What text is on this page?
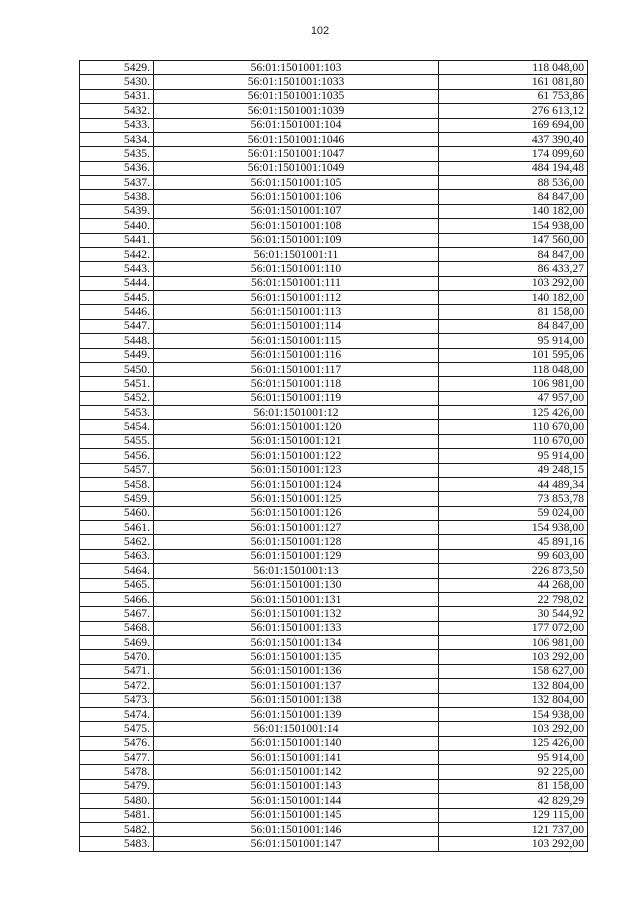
102
5429.	56:01:1501001:103	118 048,00
5430.	56:01:1501001:1033	161 081,80
5431.	56:01:1501001:1035	61 753,86
5432.	56:01:1501001:1039	276 613,12
5433.	56:01:1501001:104	169 694,00
5434.	56:01:1501001:1046	437 390,40
5435.	56:01:1501001:1047	174 099,60
5436.	56:01:1501001:1049	484 194,48
5437.	56:01:1501001:105	88 536,00
5438.	56:01:1501001:106	84 847,00
5439.	56:01:1501001:107	140 182,00
5440.	56:01:1501001:108	154 938,00
5441.	56:01:1501001:109	147 560,00
5442.	56:01:1501001:11	84 847,00
5443.	56:01:1501001:110	86 433,27
5444.	56:01:1501001:111	103 292,00
5445.	56:01:1501001:112	140 182,00
5446.	56:01:1501001:113	81 158,00
5447.	56:01:1501001:114	84 847,00
5448.	56:01:1501001:115	95 914,00
5449.	56:01:1501001:116	101 595,06
5450.	56:01:1501001:117	118 048,00
5451.	56:01:1501001:118	106 981,00
5452.	56:01:1501001:119	47 957,00
5453.	56:01:1501001:12	125 426,00
5454.	56:01:1501001:120	110 670,00
5455.	56:01:1501001:121	110 670,00
5456.	56:01:1501001:122	95 914,00
5457.	56:01:1501001:123	49 248,15
5458.	56:01:1501001:124	44 489,34
5459.	56:01:1501001:125	73 853,78
5460.	56:01:1501001:126	59 024,00
5461.	56:01:1501001:127	154 938,00
5462.	56:01:1501001:128	45 891,16
5463.	56:01:1501001:129	99 603,00
5464.	56:01:1501001:13	226 873,50
5465.	56:01:1501001:130	44 268,00
5466.	56:01:1501001:131	22 798,02
5467.	56:01:1501001:132	30 544,92
5468.	56:01:1501001:133	177 072,00
5469.	56:01:1501001:134	106 981,00
5470.	56:01:1501001:135	103 292,00
5471.	56:01:1501001:136	158 627,00
5472.	56:01:1501001:137	132 804,00
5473.	56:01:1501001:138	132 804,00
5474.	56:01:1501001:139	154 938,00
5475.	56:01:1501001:14	103 292,00
5476.	56:01:1501001:140	125 426,00
5477.	56:01:1501001:141	95 914,00
5478.	56:01:1501001:142	92 225,00
5479.	56:01:1501001:143	81 158,00
5480.	56:01:1501001:144	42 829,29
5481.	56:01:1501001:145	129 115,00
5482.	56:01:1501001:146	121 737,00
5483.	56:01:1501001:147	103 292,00
